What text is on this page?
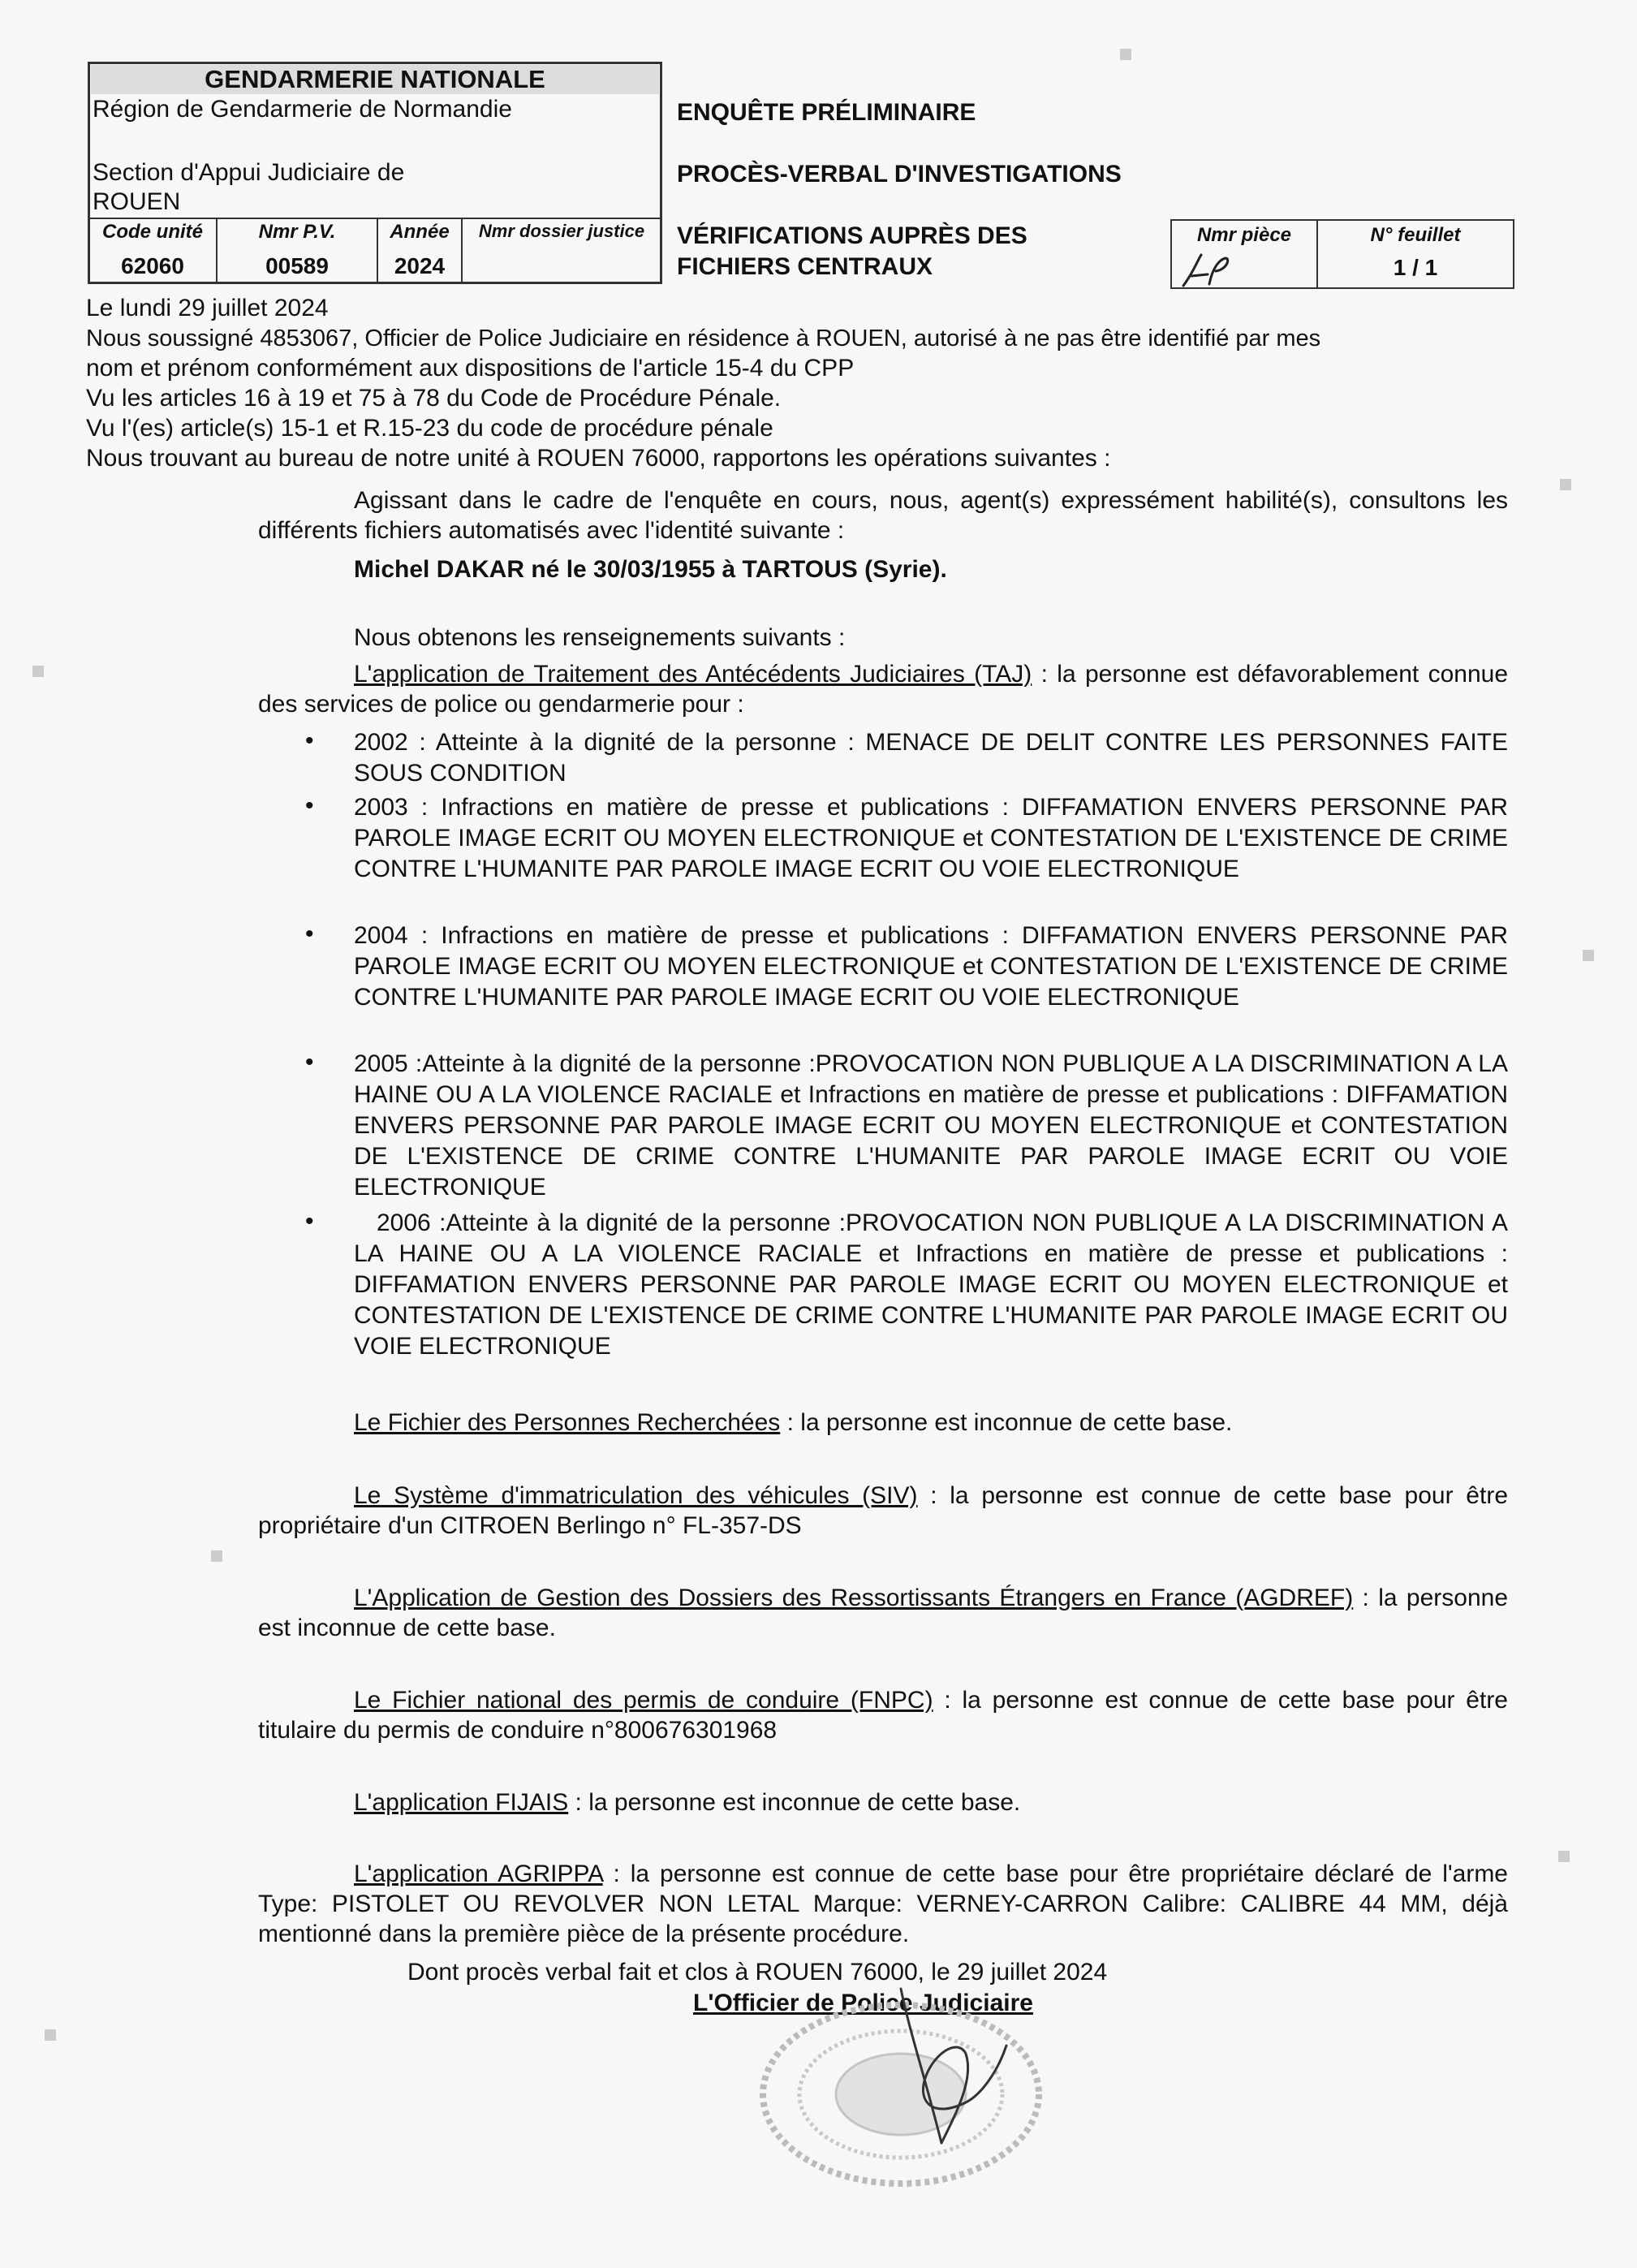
GENDARMERIE NATIONALE
Région de Gendarmerie de Normandie
Section d'Appui Judiciaire de
ROUEN
Code unité
62060
Nmr P.V.
00589
Année
2024
Nmr dossier justice
ENQUÊTE PRÉLIMINAIRE
PROCÈS-VERBAL D'INVESTIGATIONS
VÉRIFICATIONS AUPRÈS DES
FICHIERS CENTRAUX
Nmr pièce	N° feuillet
1 / 1
Le lundi 29 juillet 2024
Nous soussigné 4853067, Officier de Police Judiciaire en résidence à ROUEN, autorisé à ne pas être identifié par mes
nom et prénom conformément aux dispositions de l'article 15-4 du CPP
Vu les articles 16 à 19 et 75 à 78 du Code de Procédure Pénale.
Vu l'(es) article(s) 15-1 et R.15-23 du code de procédure pénale
Nous trouvant au bureau de notre unité à ROUEN 76000, rapportons les opérations suivantes :
Agissant dans le cadre de l'enquête en cours, nous, agent(s) expressément habilité(s), consultons les différents fichiers automatisés avec l'identité suivante :
Michel DAKAR né le 30/03/1955 à TARTOUS (Syrie).
Nous obtenons les renseignements suivants :
L'application de Traitement des Antécédents Judiciaires (TAJ) : la personne est défavorablement connue des services de police ou gendarmerie pour :
• 2002 : Atteinte à la dignité de la personne : MENACE DE DELIT CONTRE LES PERSONNES FAITE SOUS CONDITION
• 2003 : Infractions en matière de presse et publications : DIFFAMATION ENVERS PERSONNE PAR PAROLE IMAGE ECRIT OU MOYEN ELECTRONIQUE et CONTESTATION DE L'EXISTENCE DE CRIME CONTRE L'HUMANITE PAR PAROLE IMAGE ECRIT OU VOIE ELECTRONIQUE
• 2004 : Infractions en matière de presse et publications : DIFFAMATION ENVERS PERSONNE PAR PAROLE IMAGE ECRIT OU MOYEN ELECTRONIQUE et CONTESTATION DE L'EXISTENCE DE CRIME CONTRE L'HUMANITE PAR PAROLE IMAGE ECRIT OU VOIE ELECTRONIQUE
• 2005 :Atteinte à la dignité de la personne :PROVOCATION NON PUBLIQUE A LA DISCRIMINATION A LA HAINE OU A LA VIOLENCE RACIALE et Infractions en matière de presse et publications : DIFFAMATION ENVERS PERSONNE PAR PAROLE IMAGE ECRIT OU MOYEN ELECTRONIQUE et CONTESTATION DE L'EXISTENCE DE CRIME CONTRE L'HUMANITE PAR PAROLE IMAGE ECRIT OU VOIE ELECTRONIQUE
•	2006 :Atteinte à la dignité de la personne :PROVOCATION NON PUBLIQUE A LA DISCRIMINATION A LA HAINE OU A LA VIOLENCE RACIALE et Infractions en matière de presse et publications : DIFFAMATION ENVERS PERSONNE PAR PAROLE IMAGE ECRIT OU MOYEN ELECTRONIQUE et CONTESTATION DE L'EXISTENCE DE CRIME CONTRE L'HUMANITE PAR PAROLE IMAGE ECRIT OU VOIE ELECTRONIQUE
Le Fichier des Personnes Recherchées : la personne est inconnue de cette base.
Le Système d'immatriculation des véhicules (SIV) : la personne est connue de cette base pour être propriétaire d'un CITROEN Berlingo n° FL-357-DS
L'Application de Gestion des Dossiers des Ressortissants Étrangers en France (AGDREF) : la personne est inconnue de cette base.
Le Fichier national des permis de conduire (FNPC) : la personne est connue de cette base pour être titulaire du permis de conduire n°800676301968
L'application FIJAIS : la personne est inconnue de cette base.
L'application AGRIPPA : la personne est connue de cette base pour être propriétaire déclaré de l'arme Type: PISTOLET OU REVOLVER NON LETAL Marque: VERNEY-CARRON Calibre: CALIBRE 44 MM, déjà mentionné dans la première pièce de la présente procédure.
Dont procès verbal fait et clos à ROUEN 76000, le 29 juillet 2024
L'Officier de Police Judiciaire
